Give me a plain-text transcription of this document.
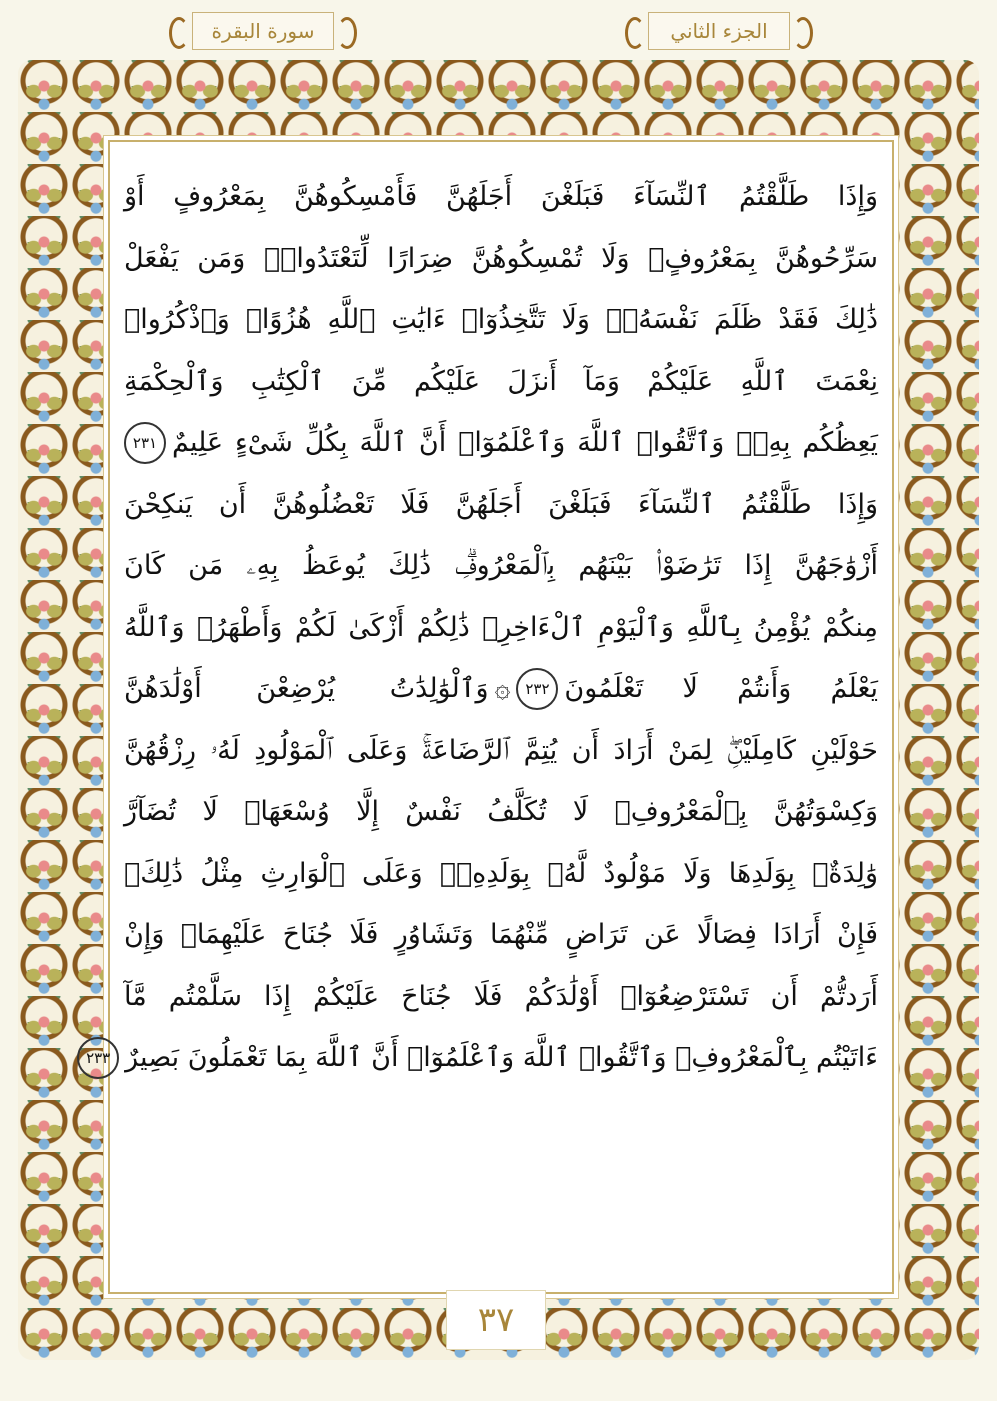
الجزء الثاني
سورة البقرة
وَإِذَا طَلَّقْتُمُ ٱلنِّسَآءَ فَبَلَغْنَ أَجَلَهُنَّ فَأَمْسِكُوهُنَّ بِمَعْرُوفٍ أَوْ
سَرِّحُوهُنَّ بِمَعْرُوفٍۚ وَلَا تُمْسِكُوهُنَّ ضِرَارًا لِّتَعْتَدُوا۟ۚ وَمَن يَفْعَلْ
ذَٰلِكَ فَقَدْ ظَلَمَ نَفْسَهُۥۚ وَلَا تَتَّخِذُوٓا۟ ءَايَٰتِ ٱللَّهِ هُزُوًاۚ وَٱذْكُرُوا۟
نِعْمَتَ ٱللَّهِ عَلَيْكُمْ وَمَآ أَنزَلَ عَلَيْكُم مِّنَ ٱلْكِتَٰبِ وَٱلْحِكْمَةِ
يَعِظُكُم بِهِۦۚ وَٱتَّقُوا۟ ٱللَّهَ وَٱعْلَمُوٓا۟ أَنَّ ٱللَّهَ بِكُلِّ شَىْءٍ عَلِيمٌ
٢٣١
وَإِذَا طَلَّقْتُمُ ٱلنِّسَآءَ فَبَلَغْنَ أَجَلَهُنَّ فَلَا تَعْضُلُوهُنَّ أَن يَنكِحْنَ
أَزْوَٰجَهُنَّ إِذَا تَرَٰضَوْا۟ بَيْنَهُم بِٱلْمَعْرُوفِۗ ذَٰلِكَ يُوعَظُ بِهِۦ مَن كَانَ
مِنكُمْ يُؤْمِنُ بِٱللَّهِ وَٱلْيَوْمِ ٱلْءَاخِرِۗ ذَٰلِكُمْ أَزْكَىٰ لَكُمْ وَأَطْهَرُۗ وَٱللَّهُ
يَعْلَمُ وَأَنتُمْ لَا تَعْلَمُونَ
٢٣٢
۞
وَٱلْوَٰلِدَٰتُ يُرْضِعْنَ أَوْلَٰدَهُنَّ
حَوْلَيْنِ كَامِلَيْنِۖ لِمَنْ أَرَادَ أَن يُتِمَّ ٱلرَّضَاعَةَۚ وَعَلَى ٱلْمَوْلُودِ لَهُۥ رِزْقُهُنَّ
وَكِسْوَتُهُنَّ بِٱلْمَعْرُوفِۚ لَا تُكَلَّفُ نَفْسٌ إِلَّا وُسْعَهَاۚ لَا تُضَآرَّ
وَٰلِدَةٌۢ بِوَلَدِهَا وَلَا مَوْلُودٌ لَّهُۥ بِوَلَدِهِۦۚ وَعَلَى ٱلْوَارِثِ مِثْلُ ذَٰلِكَۗ
فَإِنْ أَرَادَا فِصَالًا عَن تَرَاضٍ مِّنْهُمَا وَتَشَاوُرٍ فَلَا جُنَاحَ عَلَيْهِمَاۗ وَإِنْ
أَرَدتُّمْ أَن تَسْتَرْضِعُوٓا۟ أَوْلَٰدَكُمْ فَلَا جُنَاحَ عَلَيْكُمْ إِذَا سَلَّمْتُم مَّآ
ءَاتَيْتُم بِٱلْمَعْرُوفِۗ وَٱتَّقُوا۟ ٱللَّهَ وَٱعْلَمُوٓا۟ أَنَّ ٱللَّهَ بِمَا تَعْمَلُونَ بَصِيرٌ
٢٣٣
٣٧
